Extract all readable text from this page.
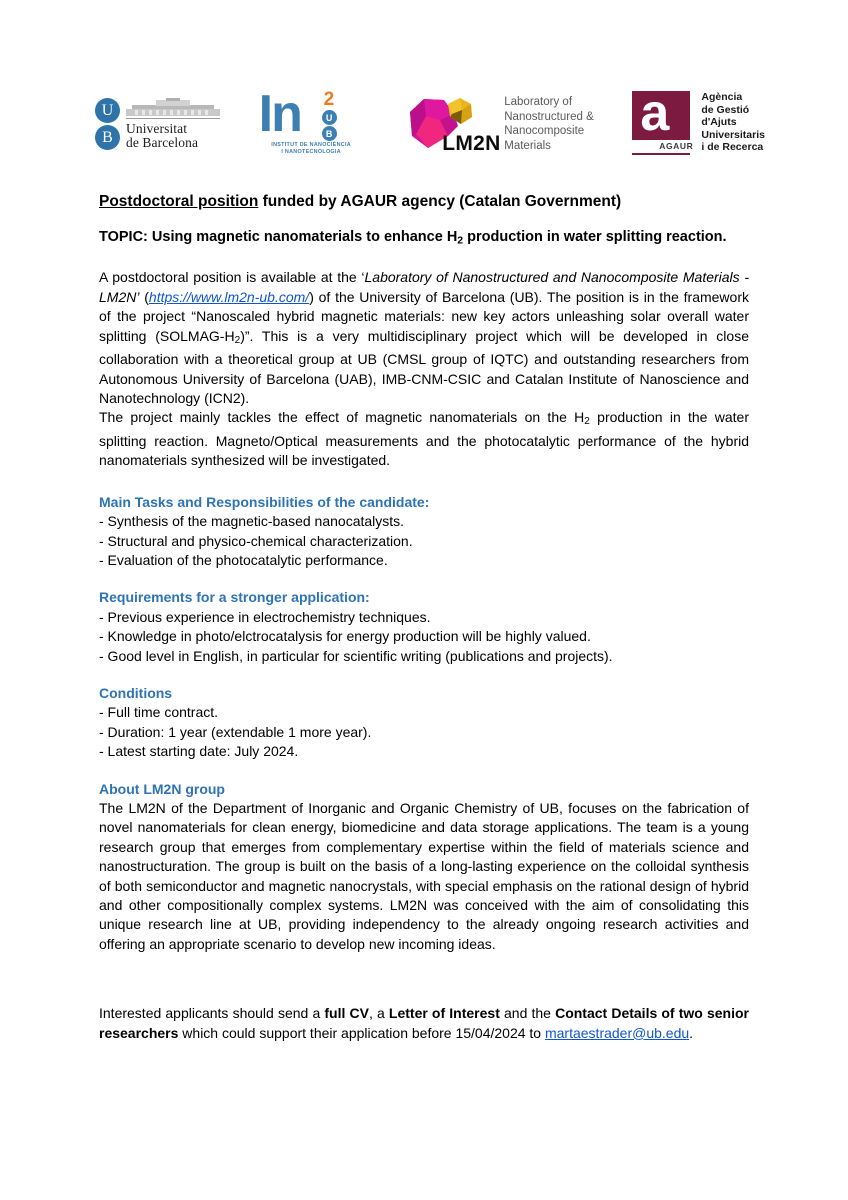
U
B Universitat
de Barcelona	In 2
U
B
INSTITUT DE NANOCIÈNCIA
I NANOTECNOLOGIA	LM2N
Laboratory of
Nanostructured &
Nanocomposite
Materials
a
AGAUR
Agència
de Gestió
d'Ajuts
Universitaris
i de Recerca
Postdoctoral position funded by AGAUR agency (Catalan Government)
TOPIC: Using magnetic nanomaterials to enhance $H_2$ production in water splitting reaction.

A postdoctoral position is available at the ‘Laboratory of Nanostructured and Nanocomposite Materials - LM2N’ (https://www.lm2n-ub.com/) of the University of Barcelona (UB). The position is in the framework of the project “Nanoscaled hybrid magnetic materials: new key actors unleashing solar overall water splitting $(SOLMAG-H_2)$”. This is a very multidisciplinary project which will be developed in close collaboration with a theoretical group at UB (CMSL group of IQTC) and outstanding researchers from Autonomous University of Barcelona (UAB), IMB-CNM-CSIC and Catalan Institute of Nanoscience and Nanotechnology (ICN2).

The project mainly tackles the effect of magnetic nanomaterials on the $H_2$ production in the water splitting reaction. Magneto/Optical measurements and the photocatalytic performance of the hybrid nanomaterials synthesized will be investigated.

Main Tasks and Responsibilities of the candidate:

- Synthesis of the magnetic-based nanocatalysts.

- Structural and physico-chemical characterization.

- Evaluation of the photocatalytic performance.

Requirements for a stronger application:

- Previous experience in electrochemistry techniques.

- Knowledge in photo/elctrocatalysis for energy production will be highly valued.

- Good level in English, in particular for scientific writing (publications and projects).

Conditions

- Full time contract.

- Duration: 1 year (extendable 1 more year).

- Latest starting date: July 2024.

About LM2N group

The LM2N of the Department of Inorganic and Organic Chemistry of UB, focuses on the fabrication of novel nanomaterials for clean energy, biomedicine and data storage applications. The team is a young research group that emerges from complementary expertise within the field of materials science and nanostructuration. The group is built on the basis of a long-lasting experience on the colloidal synthesis of both semiconductor and magnetic nanocrystals, with special emphasis on the rational design of hybrid and other compositionally complex systems. LM2N was conceived with the aim of consolidating this unique research line at UB, providing independency to the already ongoing research activities and offering an appropriate scenario to develop new incoming ideas.

Interested applicants should send a full CV, a Letter of Interest and the Contact Details of two senior researchers which could support their application before 15/04/2024 to martaestrader@ub.edu.
